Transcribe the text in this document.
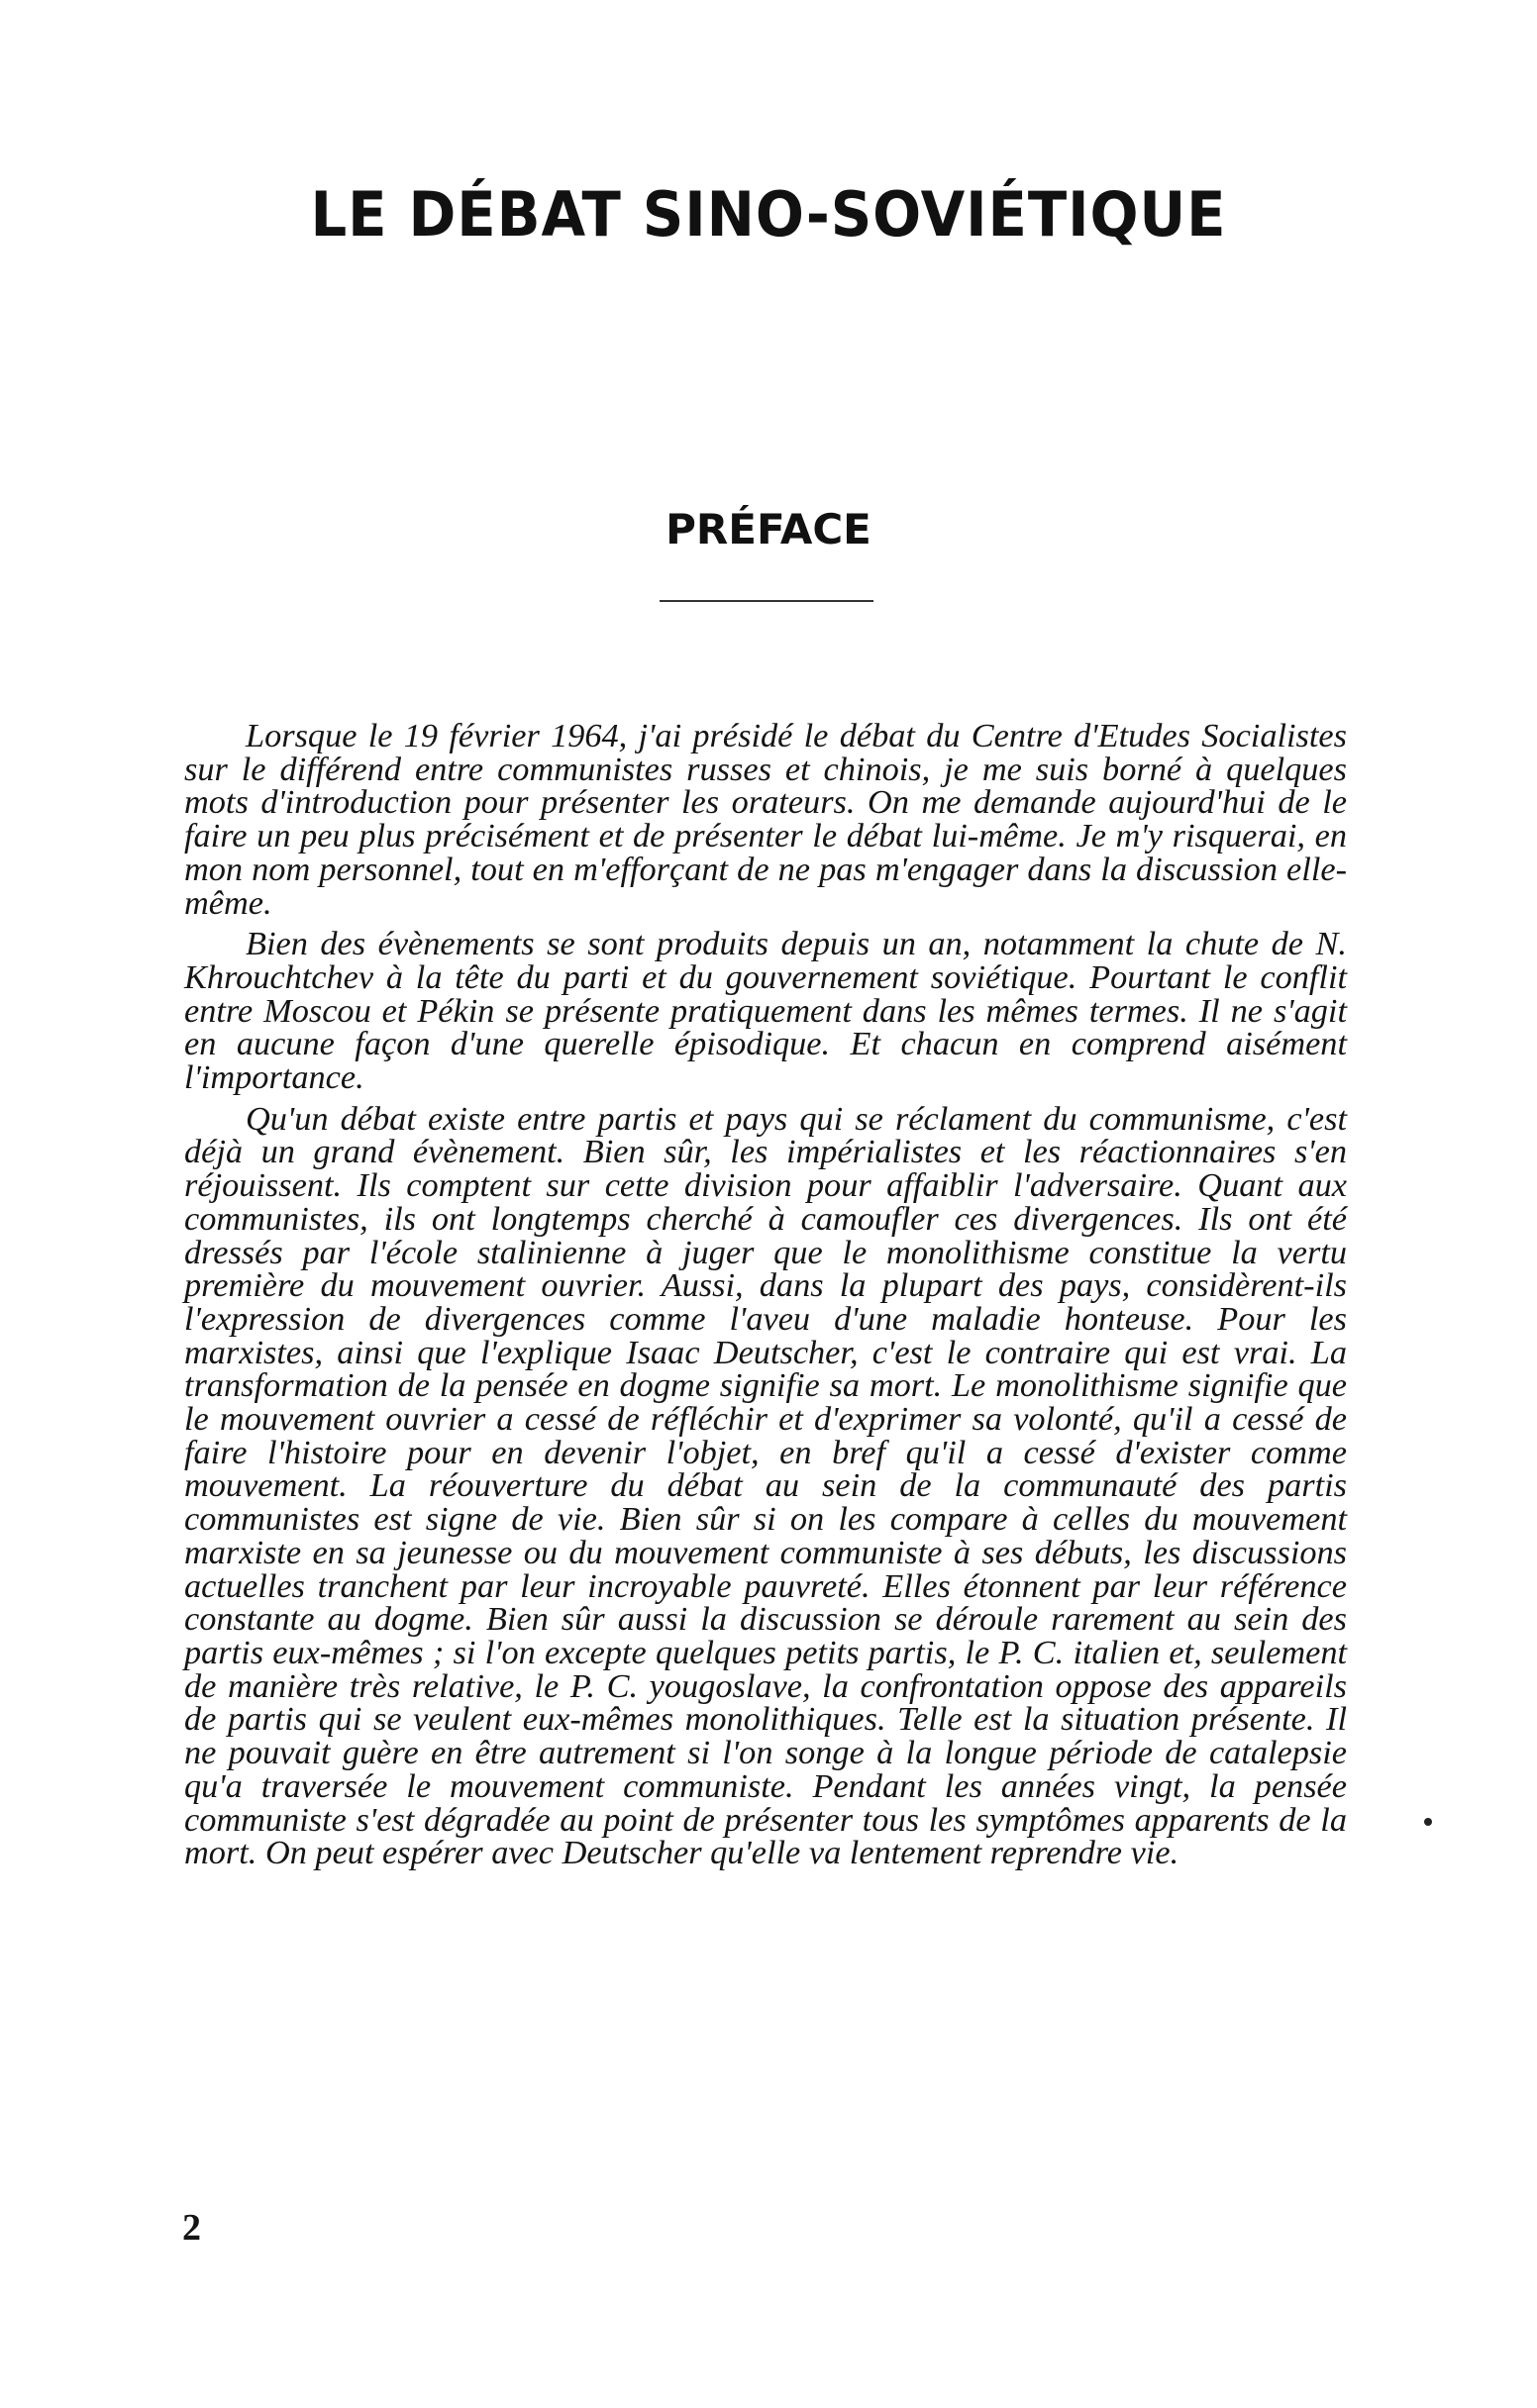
LE DÉBAT SINO-SOVIÉTIQUE
PRÉFACE

Lorsque le 19 février 1964, j'ai présidé le débat du Centre d'Etudes Socialistes sur le différend entre communistes russes et chinois, je me suis borné à quelques mots d'introduction pour présenter les orateurs. On me demande aujourd'hui de le faire un peu plus précisément et de présenter le débat lui-même. Je m'y risquerai, en mon nom personnel, tout en m'efforçant de ne pas m'engager dans la discussion elle-même.

Bien des évènements se sont produits depuis un an, notamment la chute de N. Khrouchtchev à la tête du parti et du gouvernement soviétique. Pourtant le conflit entre Moscou et Pékin se présente pratiquement dans les mêmes termes. Il ne s'agit en aucune façon d'une querelle épisodique. Et chacun en comprend aisément l'importance.

Qu'un débat existe entre partis et pays qui se réclament du communisme, c'est déjà un grand évènement. Bien sûr, les impérialistes et les réactionnaires s'en réjouissent. Ils comptent sur cette division pour affaiblir l'adversaire. Quant aux communistes, ils ont longtemps cherché à camoufler ces divergences. Ils ont été dressés par l'école stalinienne à juger que le monolithisme constitue la vertu première du mouvement ouvrier. Aussi, dans la plupart des pays, considèrent-ils l'expression de divergences comme l'aveu d'une maladie honteuse. Pour les marxistes, ainsi que l'explique Isaac Deutscher, c'est le contraire qui est vrai. La transformation de la pensée en dogme signifie sa mort. Le monolithisme signifie que le mouvement ouvrier a cessé de réfléchir et d'exprimer sa volonté, qu'il a cessé de faire l'histoire pour en devenir l'objet, en bref qu'il a cessé d'exister comme mouvement. La réouverture du débat au sein de la communauté des partis communistes est signe de vie. Bien sûr si on les compare à celles du mouvement marxiste en sa jeunesse ou du mouvement communiste à ses débuts, les discussions actuelles tranchent par leur incroyable pauvreté. Elles étonnent par leur référence constante au dogme. Bien sûr aussi la discussion se déroule rarement au sein des partis eux-mêmes ; si l'on excepte quelques petits partis, le P. C. italien et, seulement de manière très relative, le P. C. yougoslave, la confrontation oppose des appareils de partis qui se veulent eux-mêmes monolithiques. Telle est la situation présente. Il ne pouvait guère en être autrement si l'on songe à la longue période de catalepsie qu'a traversée le mouvement communiste. Pendant les années vingt, la pensée communiste s'est dégradée au point de présenter tous les symptômes apparents de la mort. On peut espérer avec Deutscher qu'elle va lentement reprendre vie.

2
